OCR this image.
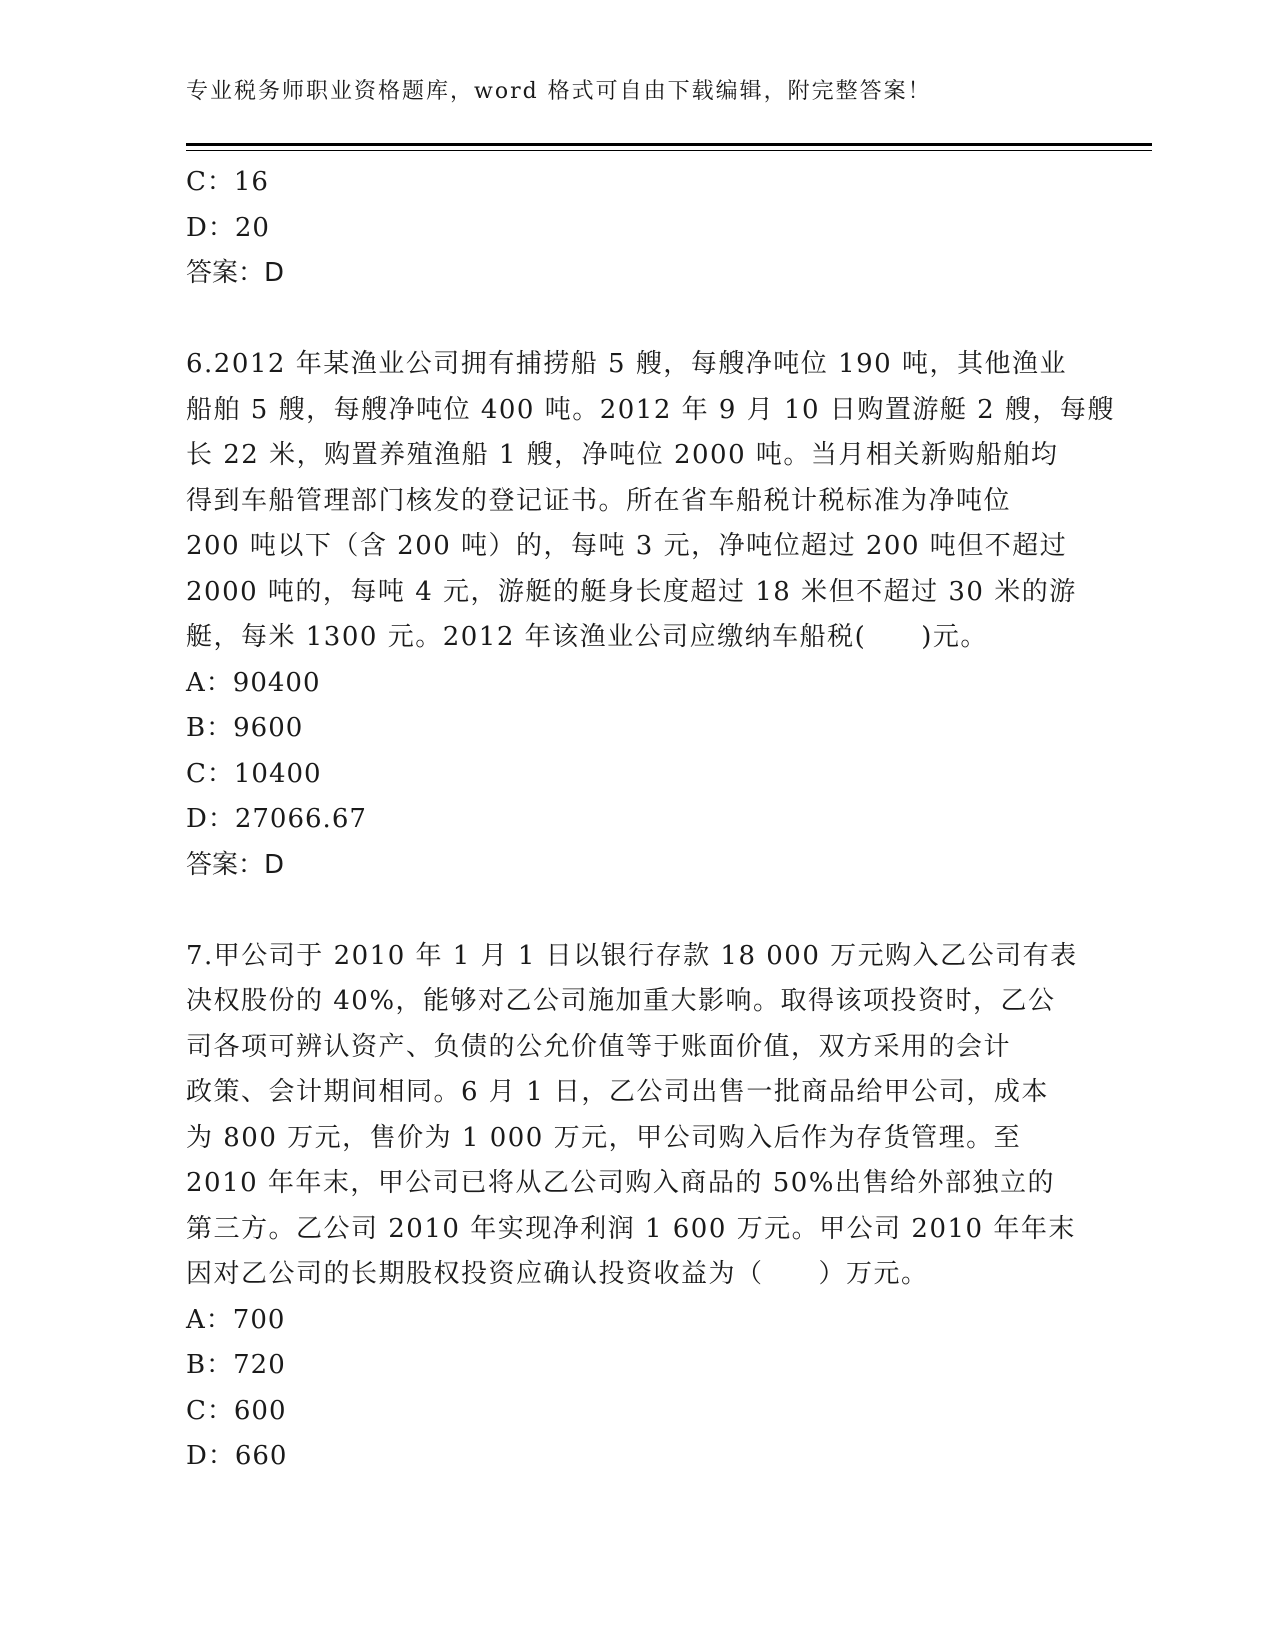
专业税务师职业资格题库，word 格式可自由下载编辑，附完整答案！
C：16
D：20
答案：D
6.2012 年某渔业公司拥有捕捞船 5 艘，每艘净吨位 190 吨，其他渔业
船舶 5 艘，每艘净吨位 400 吨。2012 年 9 月 10 日购置游艇 2 艘，每艘
长 22 米，购置养殖渔船 1 艘，净吨位 2000 吨。当月相关新购船舶均
得到车船管理部门核发的登记证书。所在省车船税计税标准为净吨位
200 吨以下（含 200 吨）的，每吨 3 元，净吨位超过 200 吨但不超过
2000 吨的，每吨 4 元，游艇的艇身长度超过 18 米但不超过 30 米的游
艇，每米 1300 元。2012 年该渔业公司应缴纳车船税(　　)元。
A：90400
B：9600
C：10400
D：27066.67
答案：D
7.甲公司于 2010 年 1 月 1 日以银行存款 18 000 万元购入乙公司有表
决权股份的 40%，能够对乙公司施加重大影响。取得该项投资时，乙公
司各项可辨认资产、负债的公允价值等于账面价值，双方采用的会计
政策、会计期间相同。6 月 1 日，乙公司出售一批商品给甲公司，成本
为 800 万元，售价为 1 000 万元，甲公司购入后作为存货管理。至
2010 年年末，甲公司已将从乙公司购入商品的 50%出售给外部独立的
第三方。乙公司 2010 年实现净利润 1 600 万元。甲公司 2010 年年末
因对乙公司的长期股权投资应确认投资收益为（　　）万元。
A：700
B：720
C：600
D：660
